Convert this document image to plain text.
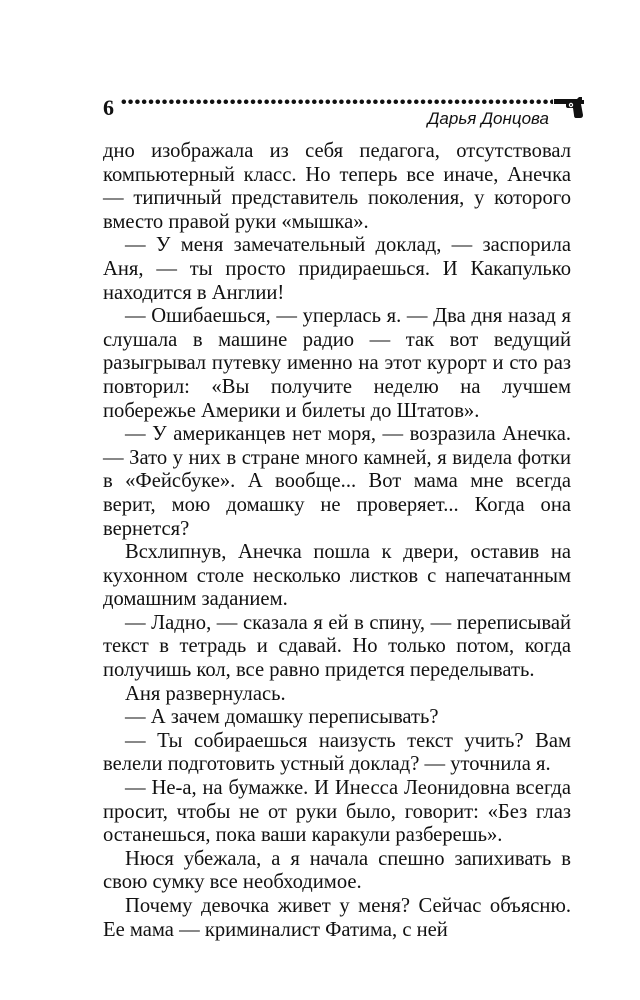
6
•••••	Дарья Донцова

дно изображала из себя педагога, отсутствовал компьютерный класс. Но теперь все иначе, Анечка — типичный представитель поколения, у которого вместо правой руки «мышка».

— У меня замечательный доклад, — заспорила Аня, — ты просто придираешься. И Какапулько находится в Англии!

— Ошибаешься, — уперлась я. — Два дня назад я слушала в машине радио — так вот ведущий разыгрывал путевку именно на этот курорт и сто раз повторил: «Вы получите неделю на лучшем побережье Америки и билеты до Штатов».

— У американцев нет моря, — возразила Анечка. — Зато у них в стране много камней, я видела фотки в «Фейсбуке». А вообще... Вот мама мне всегда верит, мою домашку не проверяет... Когда она вернется?

Всхлипнув, Анечка пошла к двери, оставив на кухонном столе несколько листков с напечатанным домашним заданием.

— Ладно, — сказала я ей в спину, — переписывай текст в тетрадь и сдавай. Но только потом, когда получишь кол, все равно придется переделывать.

Аня развернулась.

— А зачем домашку переписывать?

— Ты собираешься наизусть текст учить? Вам велели подготовить устный доклад? — уточнила я.

— Не-а, на бумажке. И Инесса Леонидовна всегда просит, чтобы не от руки было, говорит: «Без глаз останешься, пока ваши каракули разберешь».

Нюся убежала, а я начала спешно запихивать в свою сумку все необходимое.

Почему девочка живет у меня? Сейчас объясню. Ее мама — криминалист Фатима, с ней
